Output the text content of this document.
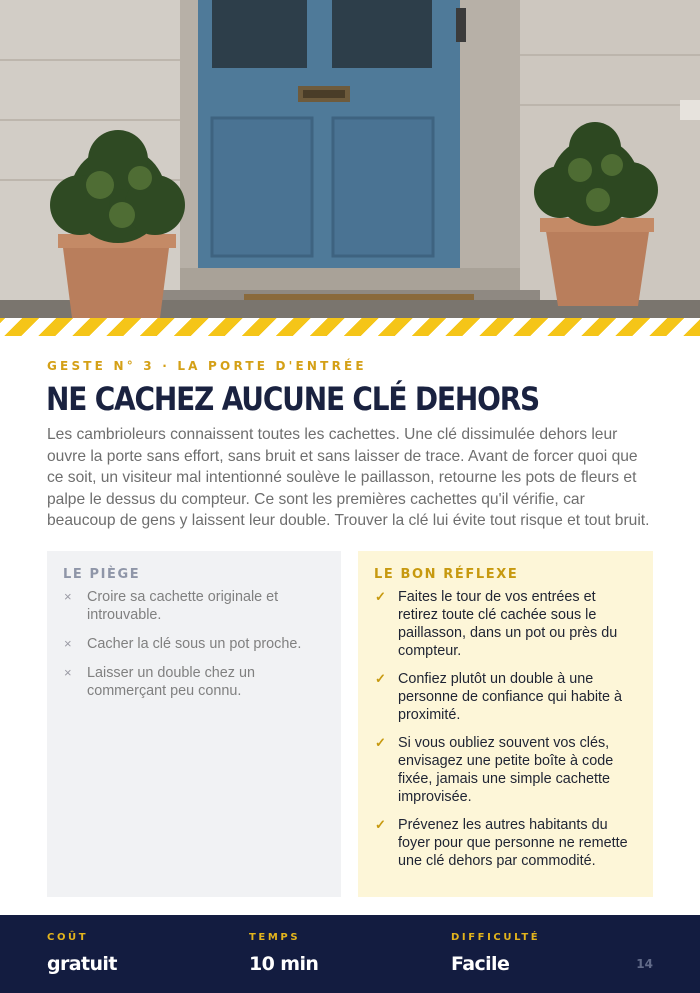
GESTE N° 3 · LA PORTE D'ENTRÉE
NE CACHEZ AUCUNE CLÉ DEHORS

Les cambrioleurs connaissent toutes les cachettes. Une clé dissimulée dehors leur ouvre la porte sans effort, sans bruit et sans laisser de trace. Avant de forcer quoi que ce soit, un visiteur mal intentionné soulève le paillasson, retourne les pots de fleurs et palpe le dessus du compteur. Ce sont les premières cachettes qu'il vérifie, car beaucoup de gens y laissent leur double. Trouver la clé lui évite tout risque et tout bruit.

LE PIÈGE
× Croire sa cachette originale et introuvable.
× Cacher la clé sous un pot proche.
× Laisser un double chez un commerçant peu connu.
LE BON RÉFLEXE
✓ Faites le tour de vos entrées et retirez toute clé cachée sous le paillasson, dans un pot ou près du compteur.
✓ Confiez plutôt un double à une personne de confiance qui habite à proximité.
✓ Si vous oubliez souvent vos clés, envisagez une petite boîte à code fixée, jamais une simple cachette improvisée.
✓ Prévenez les autres habitants du foyer pour que personne ne remette une clé dehors par commodité.
COÛT
gratuit
TEMPS
10 min
DIFFICULTÉ
Facile	14
